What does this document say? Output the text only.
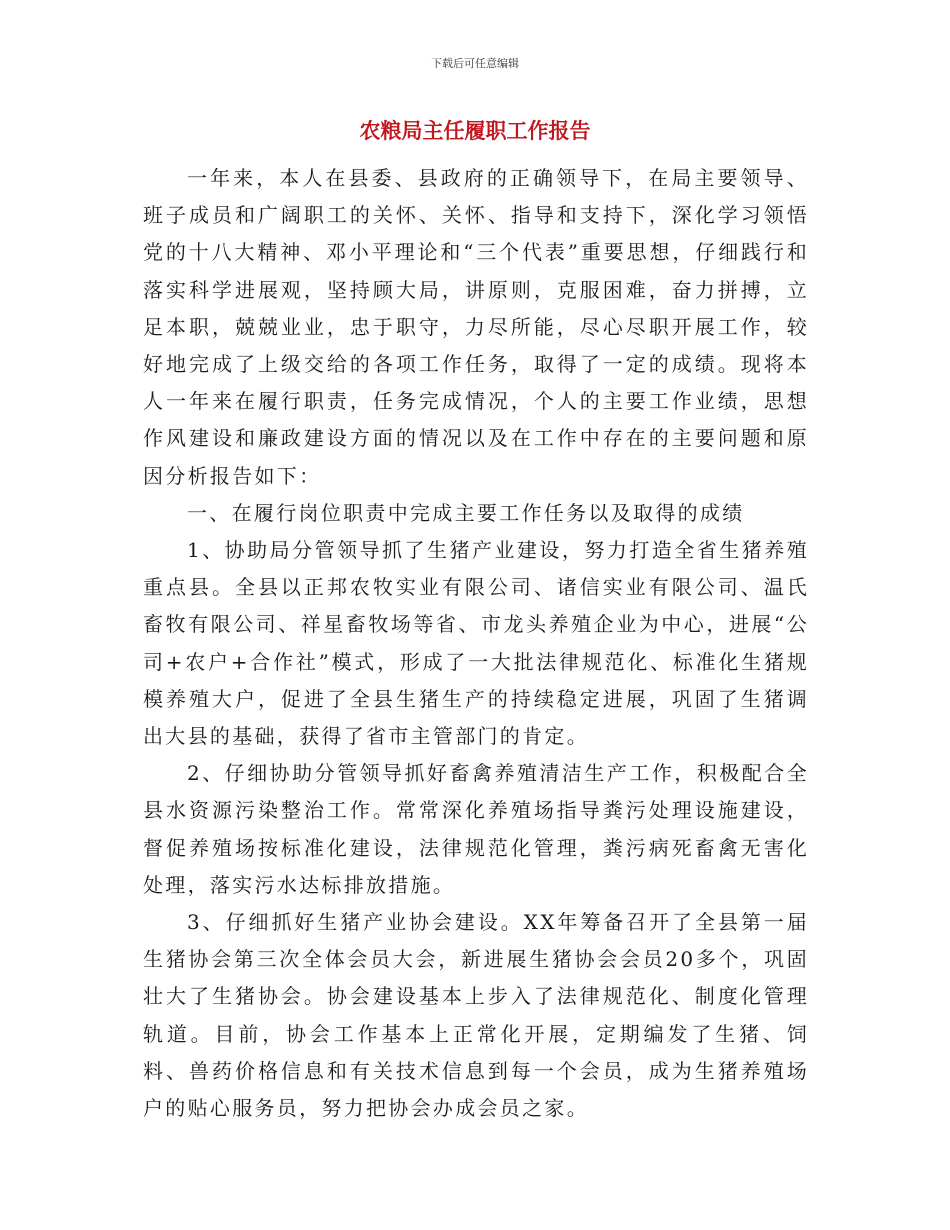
下载后可任意编辑
农粮局主任履职工作报告

一年来，本人在县委、县政府的正确领导下，在局主要领导、班子成员和广阔职工的关怀、关怀、指导和支持下，深化学习领悟党的十八大精神、邓小平理论和“三个代表”重要思想，仔细践行和落实科学进展观，坚持顾大局，讲原则，克服困难，奋力拼搏，立足本职，兢兢业业，忠于职守，力尽所能，尽心尽职开展工作，较好地完成了上级交给的各项工作任务，取得了一定的成绩。现将本人一年来在履行职责，任务完成情况，个人的主要工作业绩，思想作风建设和廉政建设方面的情况以及在工作中存在的主要问题和原因分析报告如下：

一、在履行岗位职责中完成主要工作任务以及取得的成绩

1、协助局分管领导抓了生猪产业建设，努力打造全省生猪养殖重点县。全县以正邦农牧实业有限公司、诸信实业有限公司、温氏畜牧有限公司、祥星畜牧场等省、市龙头养殖企业为中心，进展“公司+农户+合作社”模式，形成了一大批法律规范化、标准化生猪规模养殖大户，促进了全县生猪生产的持续稳定进展，巩固了生猪调出大县的基础，获得了省市主管部门的肯定。

2、仔细协助分管领导抓好畜禽养殖清洁生产工作，积极配合全县水资源污染整治工作。常常深化养殖场指导粪污处理设施建设，督促养殖场按标准化建设，法律规范化管理，粪污病死畜禽无害化处理，落实污水达标排放措施。

3、仔细抓好生猪产业协会建设。XX年筹备召开了全县第一届生猪协会第三次全体会员大会，新进展生猪协会会员20多个，巩固壮大了生猪协会。协会建设基本上步入了法律规范化、制度化管理轨道。目前，协会工作基本上正常化开展，定期编发了生猪、饲料、兽药价格信息和有关技术信息到每一个会员，成为生猪养殖场户的贴心服务员，努力把协会办成会员之家。
